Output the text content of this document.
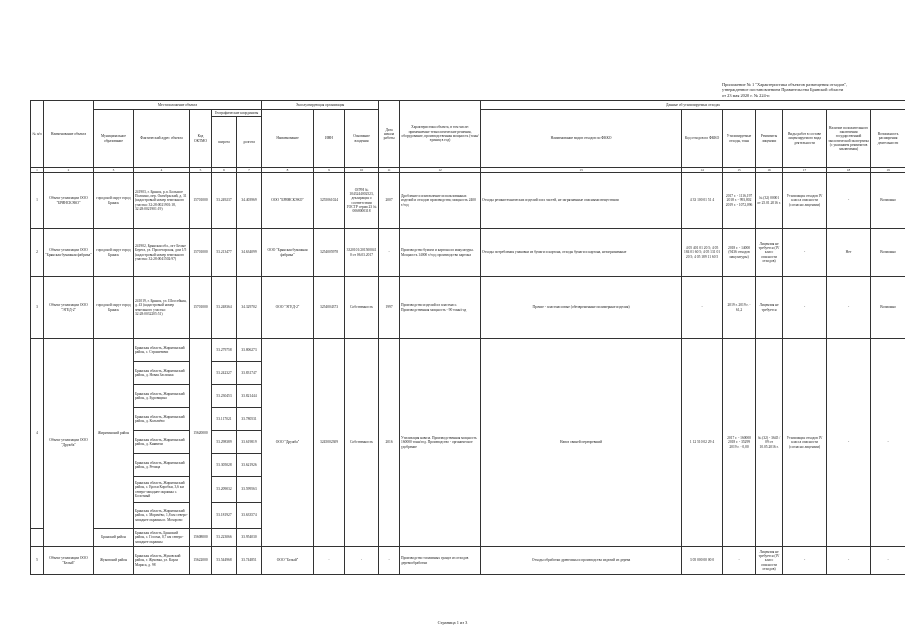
Приложение № 1 "Характеристика объектов размещения отходов",
утвержденное постановлением Правительства Брянской области
от 23 мая 2020 г. № 224-п
№ п/п	Наименование объекта	Местоположение объекта					Эксплуатирующая организация			Дата начала работы	Характеристика объекта, в том числе: применяемые технологические решения, оборудование, производственная мощность (тонн/единиц в год)	Данные об утилизируемых отходах						
		Муниципальное образование	Фактический адрес объекта	Код ОКТМО	Географические координаты		Наименование	ИНН	Основание владения			Наименование видов отходов по ФККО	Код отходов по ФККО	Утилизируемые отходы, тонн	Реквизиты лицензии	Виды работ в составе лицензируемого вида деятельности	Наличие положительного заключения государственной экологической экспертизы (с указанием реквизитов заключения)	Возможность расширения деятельности
					широта	долгота												
1	2	3	4	5	6	7	8	9	10	11	12	13	14	15	16	17	18	19
1	Объект утилизации ООО "БРЯНСКЭКО"	городской округ город Брянск	241903, г. Брянск, р.п. Большое Полпино, пер. Октябрьский, д. 31 (кадастровый номер земельного участка: 32:28:0021901:18, 32:28:0021901:19)	15701000	53.249237	34.403969	ООО "БРЯНСКЭКО"	3255061024	ОГРН № 1043244002523, декларация о соответствии ГОСТР серии 23 № 0068000318	2007	Дробление и измельчение использованных изделий и отходов производства; мощность 2400 т/год	Отходы резинотехнических изделий и их частей, не загрязненные опасными веществами	4 33 100 01 51 4	2017 г. - 1116,197 2018 г. - 993,802 2019 г. - 1072,096	№ (32) 00001 от 25.01.2016 г.	Утилизация отходов IV класса опасности (согласно лицензии)	-	Возможно
2	Объект утилизации ООО "Брянская бумажная фабрика"	городской округ город Брянск	241902, Брянская обл., пгт Белые Берега, ул. Пролетарская, дом 1/5 (кадастровый номер земельного участка: 32:28:0041502:97)	15701000	53.213477	34.634099	ООО "Брянская бумажная фабрика"	3254005978	3320101/2015000410 от 06.03.2017	-	Производство бумаги и картона из макулатуры. Мощность 14000 т/год; производство картона	Отходы потребления упаковки из бумаги и картона, отходы бумаги и картона, незагрязненные	4 05 401 01 20 5; 4 05 184 01 60 5; 4 05 131 01 20 5; 4 05 189 11 60 5	2018 г. - 14000 (9436 отходов макулатуры)	Лицензия не требуется (IV класс опасности отходов)	-	Нет	Возможно
3	Объект утилизации ООО "ЭГЕД-2"	городской округ город Брянск	241019, г. Брянск, ул. Шоссейная, д. 43 (кадастровый номер земельного участка: 32:28:0032205:51)	15701000	53.248364	34.329702	ООО "ЭГЕД-2"	3254004373	Собственность	1997	Производство изделий из пластмасс. Производственная мощность - 90 тонн/год	Прочие - пластмассовые (обезвреженные полимерные изделия)	-	2019 г. 2019 г. - 61,2	Лицензия не требуется	-	-	Возможно
4	Объект утилизации ООО "Дружба"	Жирятинский район	Брянская область, Жирятинский район, с. Страшевичи	15620000	53.279758	33.806273	ООО "Дружба"	3245002309	Собственность	2016	Утилизация навоза. Производственная мощность 160000 тонн/год. Производство - органическое удобрение	Навоз свиней перепревший	1 12 510 02 29 4	2017 г. - 160000 2018 г. - 35299 2019 г. - 0,00	№ (32) - 3645 / 09 от 10.05.2016 г.	Утилизация отходов IV класса опасности (согласно лицензии)	-	-
			Брянская область, Жирятинский район, д. Новая Заслонка		53.242327	33.831747												
			Брянская область, Жирятинский район, д. Буровщина		53.230453	33.821444												
			Брянская область, Жирятинский район, д. Колычёво		53.117021	33.780531												
			Брянская область, Жирятинский район, д. Княвичи		53.298389	33.619819												
			Брянская область, Жирятинский район, д. Речица		53.305028	33.621926												
			Брянская область, Жирятинский район, с. Ерохи Коробки, 3,6 км северо-западнее окраины с. Болотный		53.209032	33.599563												
			Брянская область, Жирятинский район, с. Морачёво, 1,8 км северо-западнее окраины п. Мохорово		53.181927	33.633574												
		Брянский район	Брянская область, Брянский район, с. Госома, 0,7 км северо-западнее окраины	15608000	53.223066	33.954030												
5	Объект утилизации ООО "Белый"	Жуковский район	Брянская область, Жуковский район, г. Жуковка, ул. Карла Маркса, д. 98	15622000	53.544968	33.744851	ООО "Белый"	-	-	-	Производство топливных гранул из отходов деревообработки	Отходы обработки древесины и производства изделий из дерева	3 05 000 00 00 0	-	Лицензия не требуется (IV класс опасности отходов)	-	-	-
Страница 1 из 3
